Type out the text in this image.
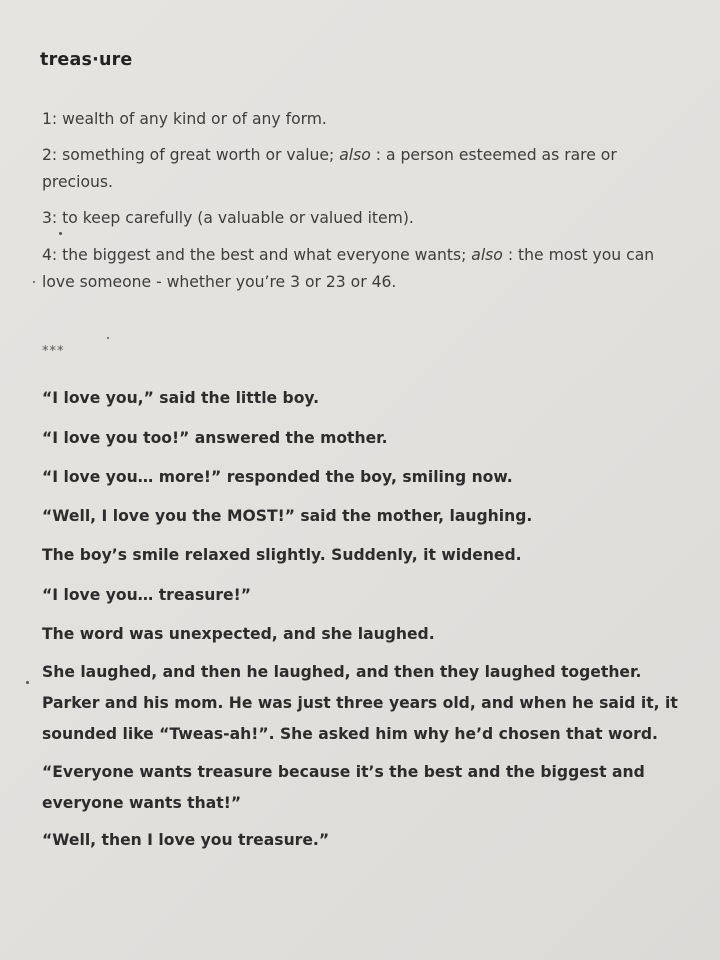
treas·ure
1: wealth of any kind or of any form.
2: something of great worth or value; also : a person esteemed as rare or precious.
3: to keep carefully (a valuable or valued item).
4: the biggest and the best and what everyone wants; also : the most you can love someone - whether you’re 3 or 23 or 46.
***
“I love you,” said the little boy.
“I love you too!” answered the mother.
“I love you… more!” responded the boy, smiling now.
“Well, I love you the MOST!” said the mother, laughing.
The boy’s smile relaxed slightly. Suddenly, it widened.
“I love you… treasure!”
The word was unexpected, and she laughed.
She laughed, and then he laughed, and then they laughed together. Parker and his mom. He was just three years old, and when he said it, it sounded like “Tweas-ah!”. She asked him why he’d chosen that word.
“Everyone wants treasure because it’s the best and the biggest and everyone wants that!”
“Well, then I love you treasure.”
